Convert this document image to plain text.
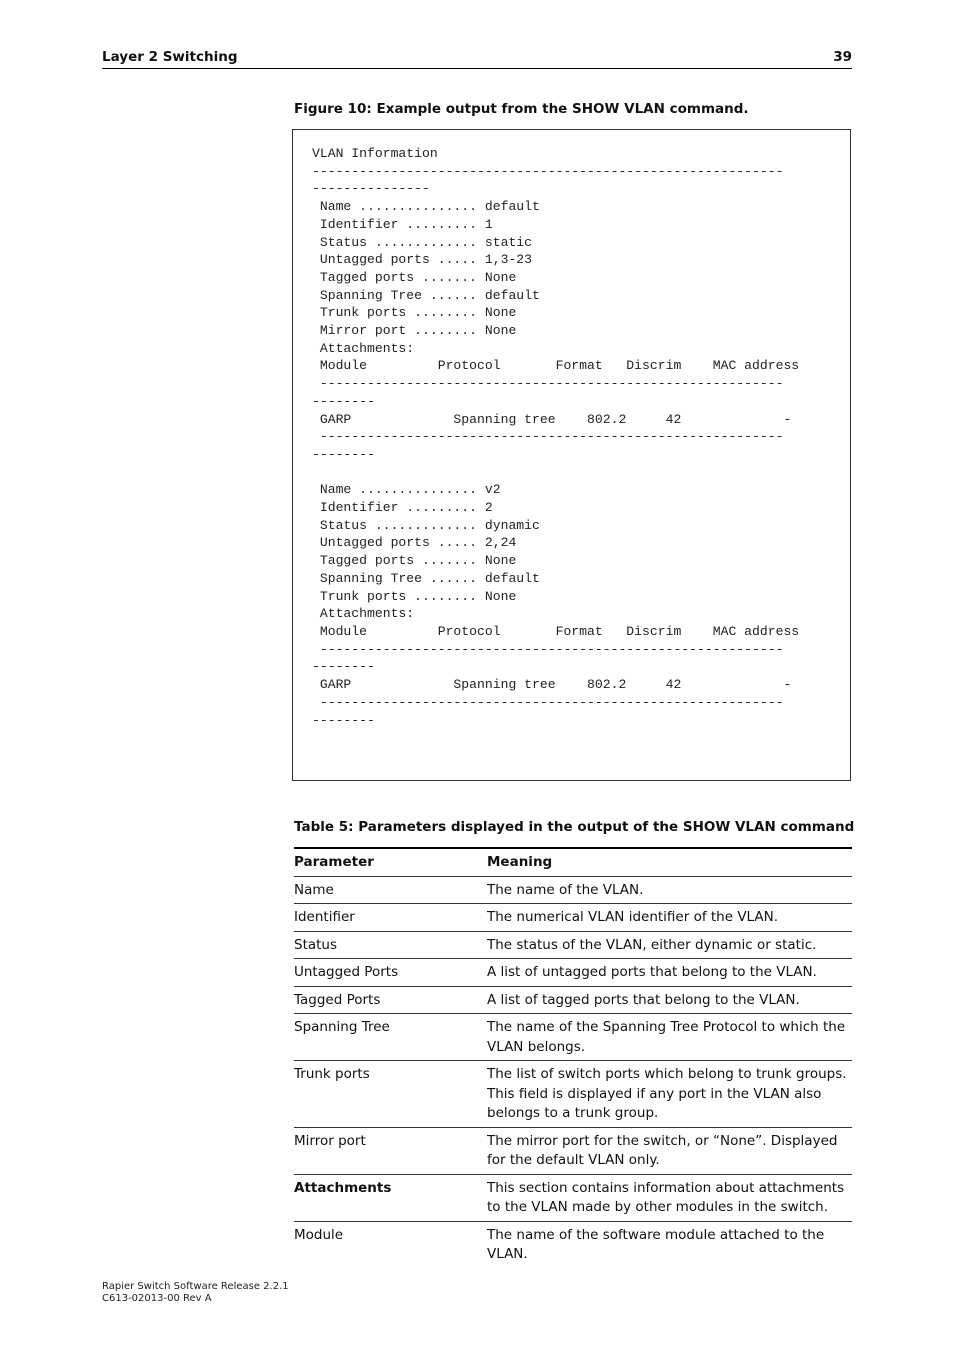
Layer 2 Switching	39
Figure 10: Example output from the SHOW VLAN command.
VLAN Information
------------------------------------------------------------
---------------
Name ............... default
Identifier ......... 1
Status ............. static
Untagged ports ..... 1,3-23
Tagged ports ....... None
Spanning Tree ...... default
Trunk ports ........ None
Mirror port ........ None
Attachments:
Module         Protocol       Format   Discrim    MAC address
-----------------------------------------------------------
--------
GARP             Spanning tree    802.2     42             -
-----------------------------------------------------------
--------

Name ............... v2
Identifier ......... 2
Status ............. dynamic
Untagged ports ..... 2,24
Tagged ports ....... None
Spanning Tree ...... default
Trunk ports ........ None
Attachments:
Module         Protocol       Format   Discrim    MAC address
-----------------------------------------------------------
--------
GARP             Spanning tree    802.2     42             -
-----------------------------------------------------------
--------
Table 5: Parameters displayed in the output of the SHOW VLAN command
Parameter	Meaning
Name	The name of the VLAN.
Identifier	The numerical VLAN identifier of the VLAN.
Status	The status of the VLAN, either dynamic or static.
Untagged Ports	A list of untagged ports that belong to the VLAN.
Tagged Ports	A list of tagged ports that belong to the VLAN.
Spanning Tree	The name of the Spanning Tree Protocol to which the VLAN belongs.
Trunk ports	The list of switch ports which belong to trunk groups. This field is displayed if any port in the VLAN also belongs to a trunk group.
Mirror port	The mirror port for the switch, or “None”. Displayed for the default VLAN only.
Attachments	This section contains information about attachments to the VLAN made by other modules in the switch.
Module	The name of the software module attached to the VLAN.
Rapier Switch Software Release 2.2.1
C613-02013-00 Rev A
